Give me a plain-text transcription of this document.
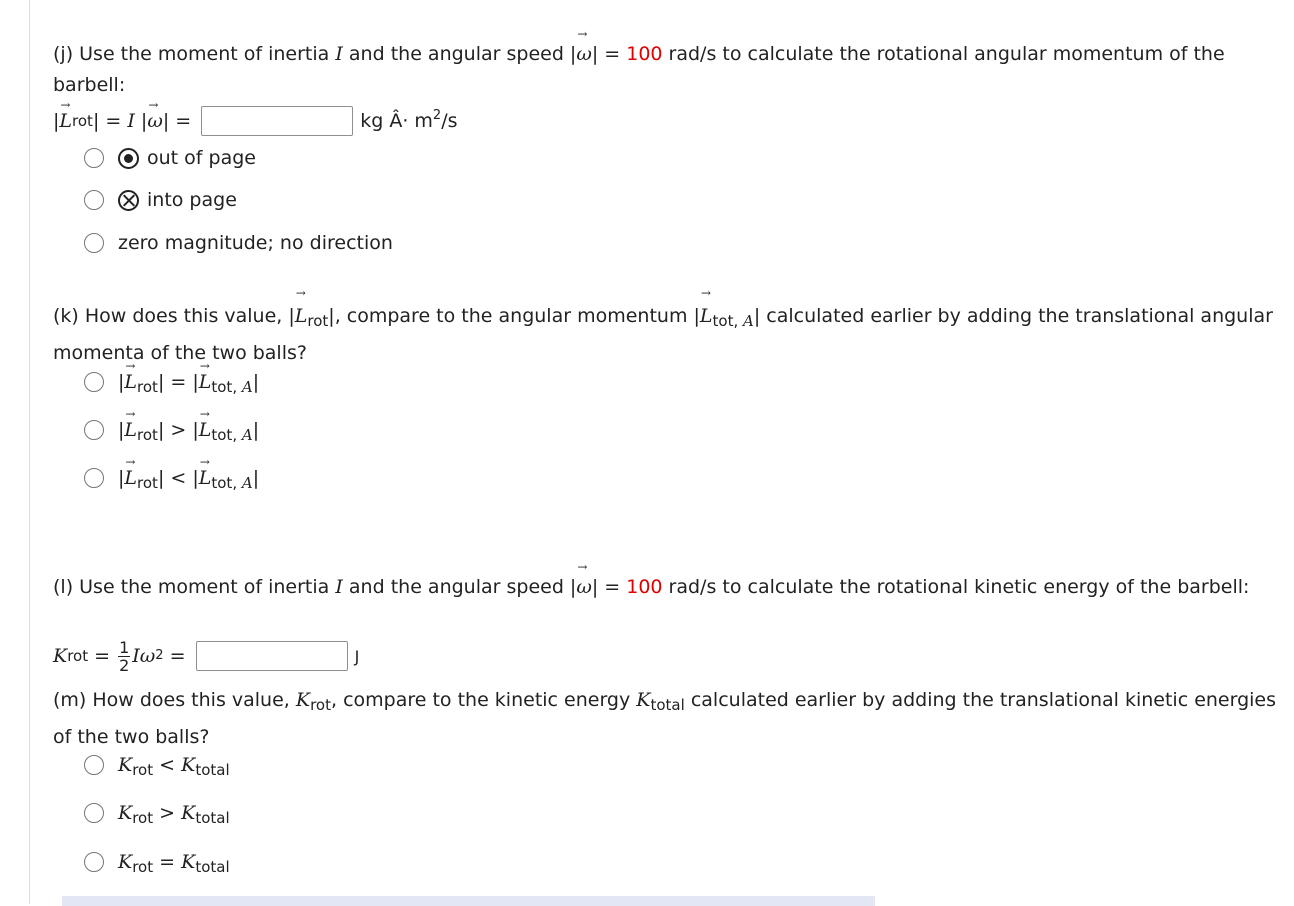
(j) Use the moment of inertia I and the angular speed |→ ω| = 100 rad/s to calculate the rotational angular momentum of the barbell:

| → L rot | = I | → ω | =	kg Â· $m^2/s$
out of page
into page
zero magnitude; no direction

(k) How does this value, |→ $L_{rot}|$, compare to the angular momentum |→ $L_{tot, A}|$ calculated earlier by adding the translational angular momenta of the two balls?

|→ $L_{rot}|$ = |→ $L_{tot, A}|$
|→ $L_{rot}|$ > |→ $L_{tot, A}|$
|→ $L_{rot}|$ < |→ $L_{tot, A}|$

(l) Use the moment of inertia I and the angular speed |→ ω| = 100 rad/s to calculate the rotational kinetic energy of the barbell:

K rot = $\frac{1}{2}$ Iω 2 =	J

(m) How does this value, $K_{rot}$, compare to the kinetic energy $K_{total}$ calculated earlier by adding the translational kinetic energies of the two balls?

$K_{rot} < K_{total}$
$K_{rot} > K_{total}$
$K_{rot} = K_{total}$
